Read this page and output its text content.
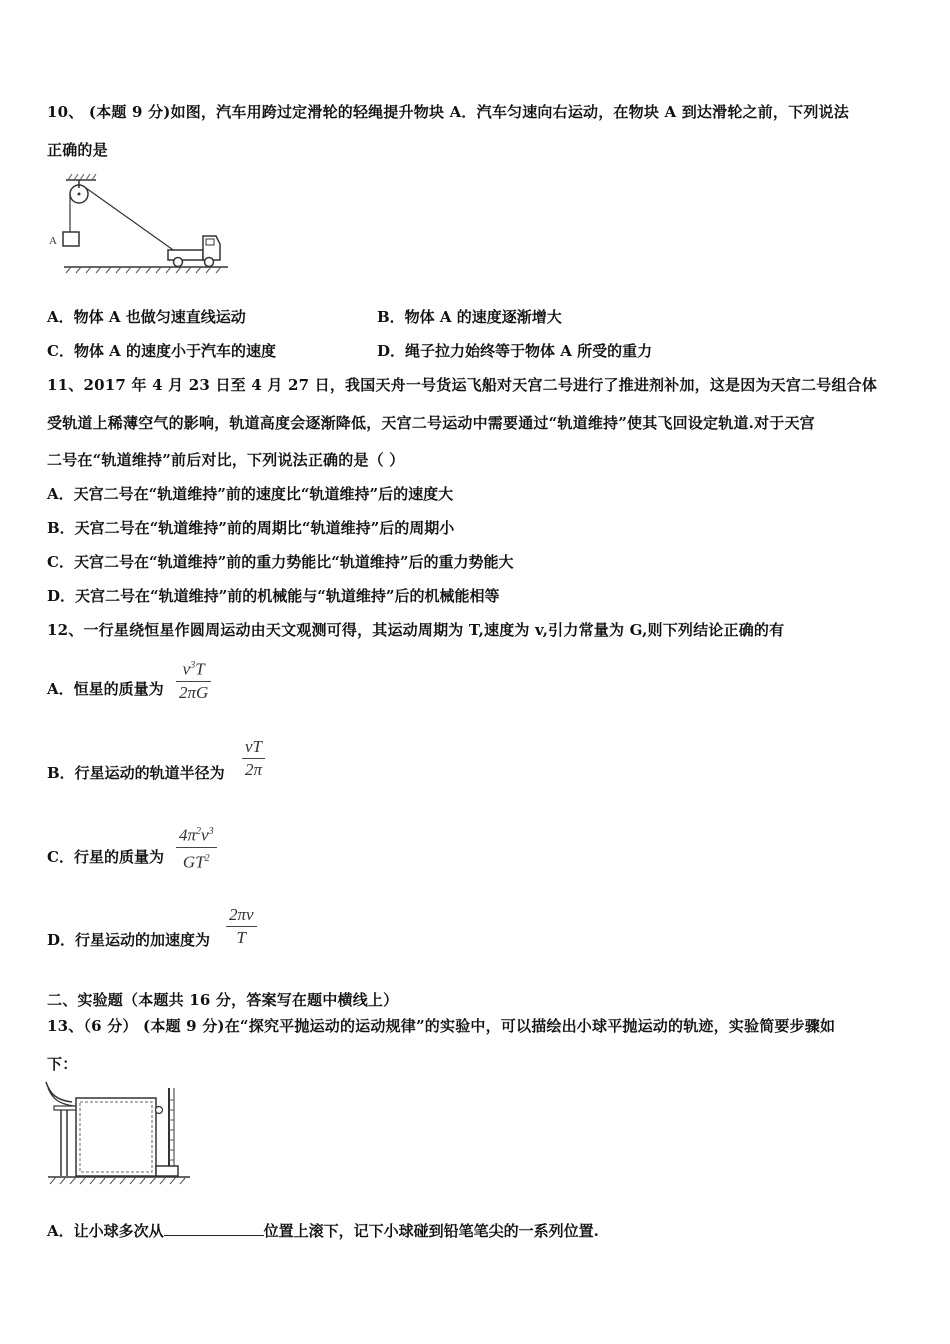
10、 (本题 9 分)如图，汽车用跨过定滑轮的轻绳提升物块 A．汽车匀速向右运动，在物块 A 到达滑轮之前，下列说法
正确的是
A
A．物体 A 也做匀速直线运动	B．物体 A 的速度逐渐增大
C．物体 A 的速度小于汽车的速度	D．绳子拉力始终等于物体 A 所受的重力
11、2017 年 4 月 23 日至 4 月 27 日，我国天舟一号货运飞船对天宫二号进行了推进剂补加，这是因为天宫二号组合体
受轨道上稀薄空气的影响，轨道高度会逐渐降低，天宫二号运动中需要通过“轨道维持”使其飞回设定轨道.对于天宫
二号在“轨道维持”前后对比，下列说法正确的是（ ）
A．天宫二号在“轨道维持”前的速度比“轨道维持”后的速度大
B．天宫二号在“轨道维持”前的周期比“轨道维持”后的周期小
C．天宫二号在“轨道维持”前的重力势能比“轨道维持”后的重力势能大
D．天宫二号在“轨道维持”前的机械能与“轨道维持”后的机械能相等
12、一行星绕恒星作圆周运动由天文观测可得，其运动周期为 T,速度为 v,引力常量为 G,则下列结论正确的有
A．恒星的质量为 $\frac{v^3T}{2\pi G}$
B．行星运动的轨道半径为 $\frac{vT}{2\pi}$
C．行星的质量为 $\frac{4\pi^2v^3}{GT^2}$
D．行星运动的加速度为 $\frac{2\pi v}{T}$
二、实验题（本题共 16 分，答案写在题中横线上）
13、（6 分） (本题 9 分)在“探究平抛运动的运动规律”的实验中，可以描绘出小球平抛运动的轨迹，实验简要步骤如
下：
A．让小球多次从	位置上滚下，记下小球碰到铅笔笔尖的一系列位置.
